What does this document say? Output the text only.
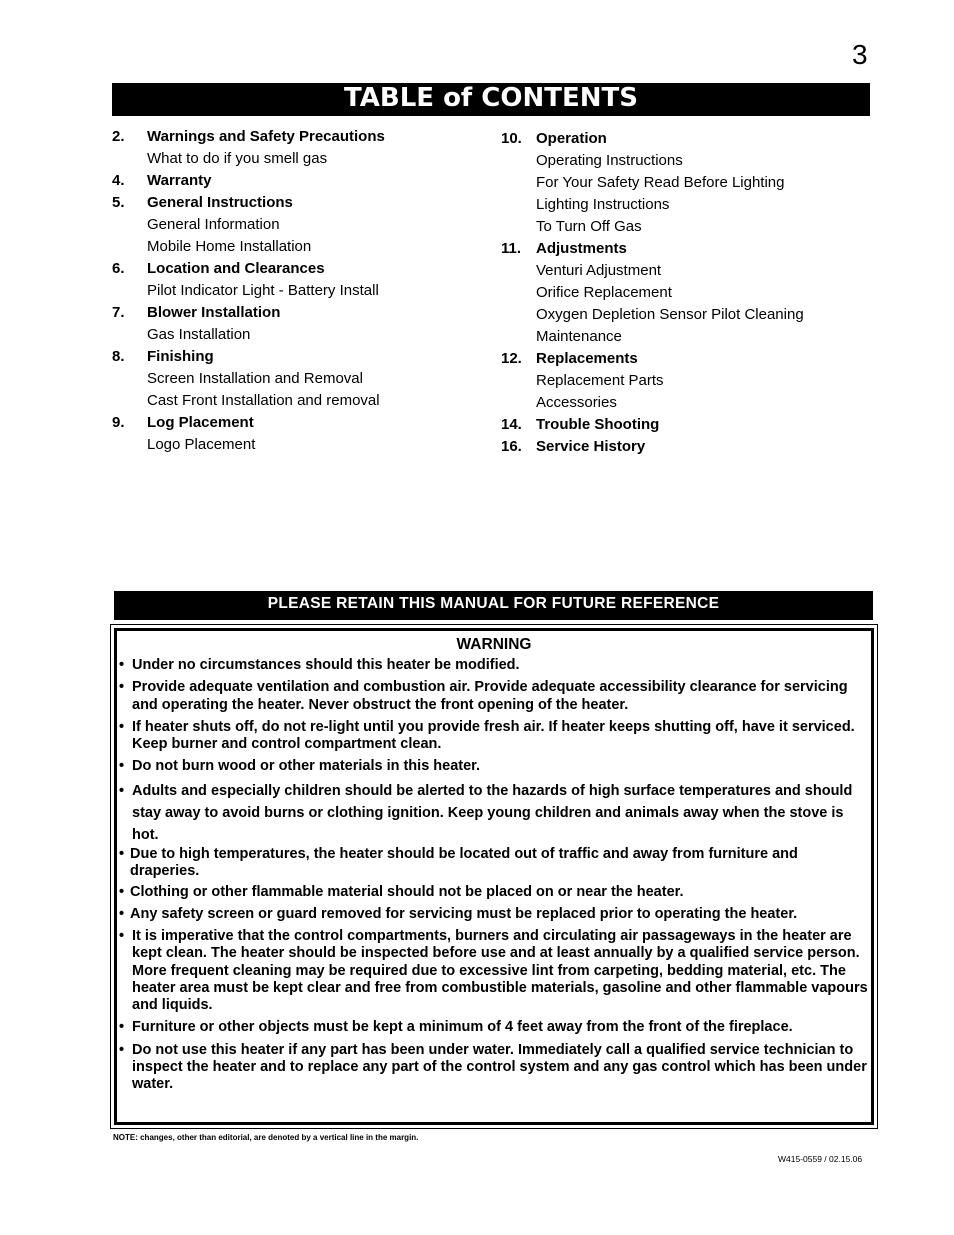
3
TABLE of CONTENTS
2. Warnings and Safety Precautions
What to do if you smell gas
4. Warranty
5. General Instructions
General Information
Mobile Home Installation
6. Location and Clearances
Pilot Indicator Light - Battery Install
7. Blower Installation
Gas Installation
8. Finishing
Screen Installation and Removal
Cast Front Installation and removal
9. Log Placement
Logo Placement
10. Operation
Operating Instructions
For Your Safety Read Before Lighting
Lighting Instructions
To Turn Off Gas
11. Adjustments
Venturi Adjustment
Orifice Replacement
Oxygen Depletion Sensor Pilot Cleaning
Maintenance
12. Replacements
Replacement Parts
Accessories
14. Trouble Shooting
16. Service History
PLEASE RETAIN THIS MANUAL FOR FUTURE REFERENCE
WARNING
• Under no circumstances should this heater be modified.
• Provide adequate ventilation and combustion air. Provide adequate accessibility clearance for servicing and operating the heater. Never obstruct the front opening of the heater.
• If heater shuts off, do not re-light until you provide fresh air. If heater keeps shutting off, have it serviced. Keep burner and control compartment clean.
• Do not burn wood or other materials in this heater.
• Adults and especially children should be alerted to the hazards of high surface temperatures and should stay away to avoid burns or clothing ignition. Keep young children and animals away when the stove is hot.
• Due to high temperatures, the heater should be located out of traffic and away from furniture and draperies.
• Clothing or other flammable material should not be placed on or near the heater.
• Any safety screen or guard removed for servicing must be replaced prior to operating the heater.
• It is imperative that the control compartments, burners and circulating air passageways in the heater are kept clean. The heater should be inspected before use and at least annually by a qualified service person. More frequent cleaning may be required due to excessive lint from carpeting, bedding material, etc. The heater area must be kept clear and free from combustible materials, gasoline and other flammable vapours and liquids.
• Furniture or other objects must be kept a minimum of 4 feet away from the front of the fireplace.
• Do not use this heater if any part has been under water. Immediately call a qualified service technician to inspect the heater and to replace any part of the control system and any gas control which has been under water.
NOTE: changes, other than editorial, are denoted by a vertical line in the margin.
W415-0559 / 02.15.06
